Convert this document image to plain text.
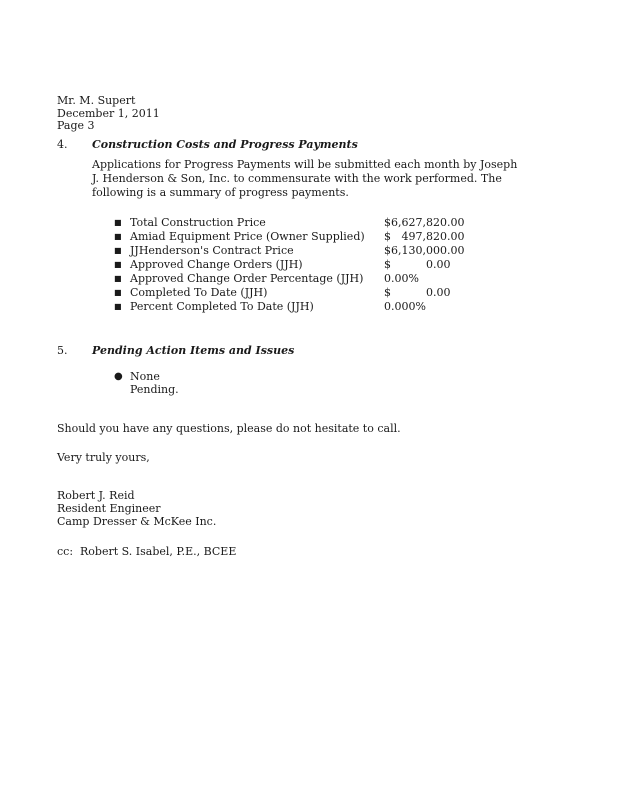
Mr. M. Supert
December 1, 2011
Page 3
4. Construction Costs and Progress Payments
Applications for Progress Payments will be submitted each month by Joseph J. Henderson & Son, Inc. to commensurate with the work performed. The following is a summary of progress payments.
■ Total Construction Price	$6,627,820.00
■ Amiad Equipment Price (Owner Supplied) $   497,820.00
■ JJHenderson's Contract Price	$6,130,000.00
■ Approved Change Orders (JJH)	$          0.00
■ Approved Change Order Percentage (JJH) 0.00%
■ Completed To Date (JJH)	$          0.00
■ Percent Completed To Date (JJH)	0.000%
5. Pending Action Items and Issues
● None Pending.
Should you have any questions, please do not hesitate to call.
Very truly yours,
Robert J. Reid
Resident Engineer
Camp Dresser & McKee Inc.
cc:  Robert S. Isabel, P.E., BCEE
